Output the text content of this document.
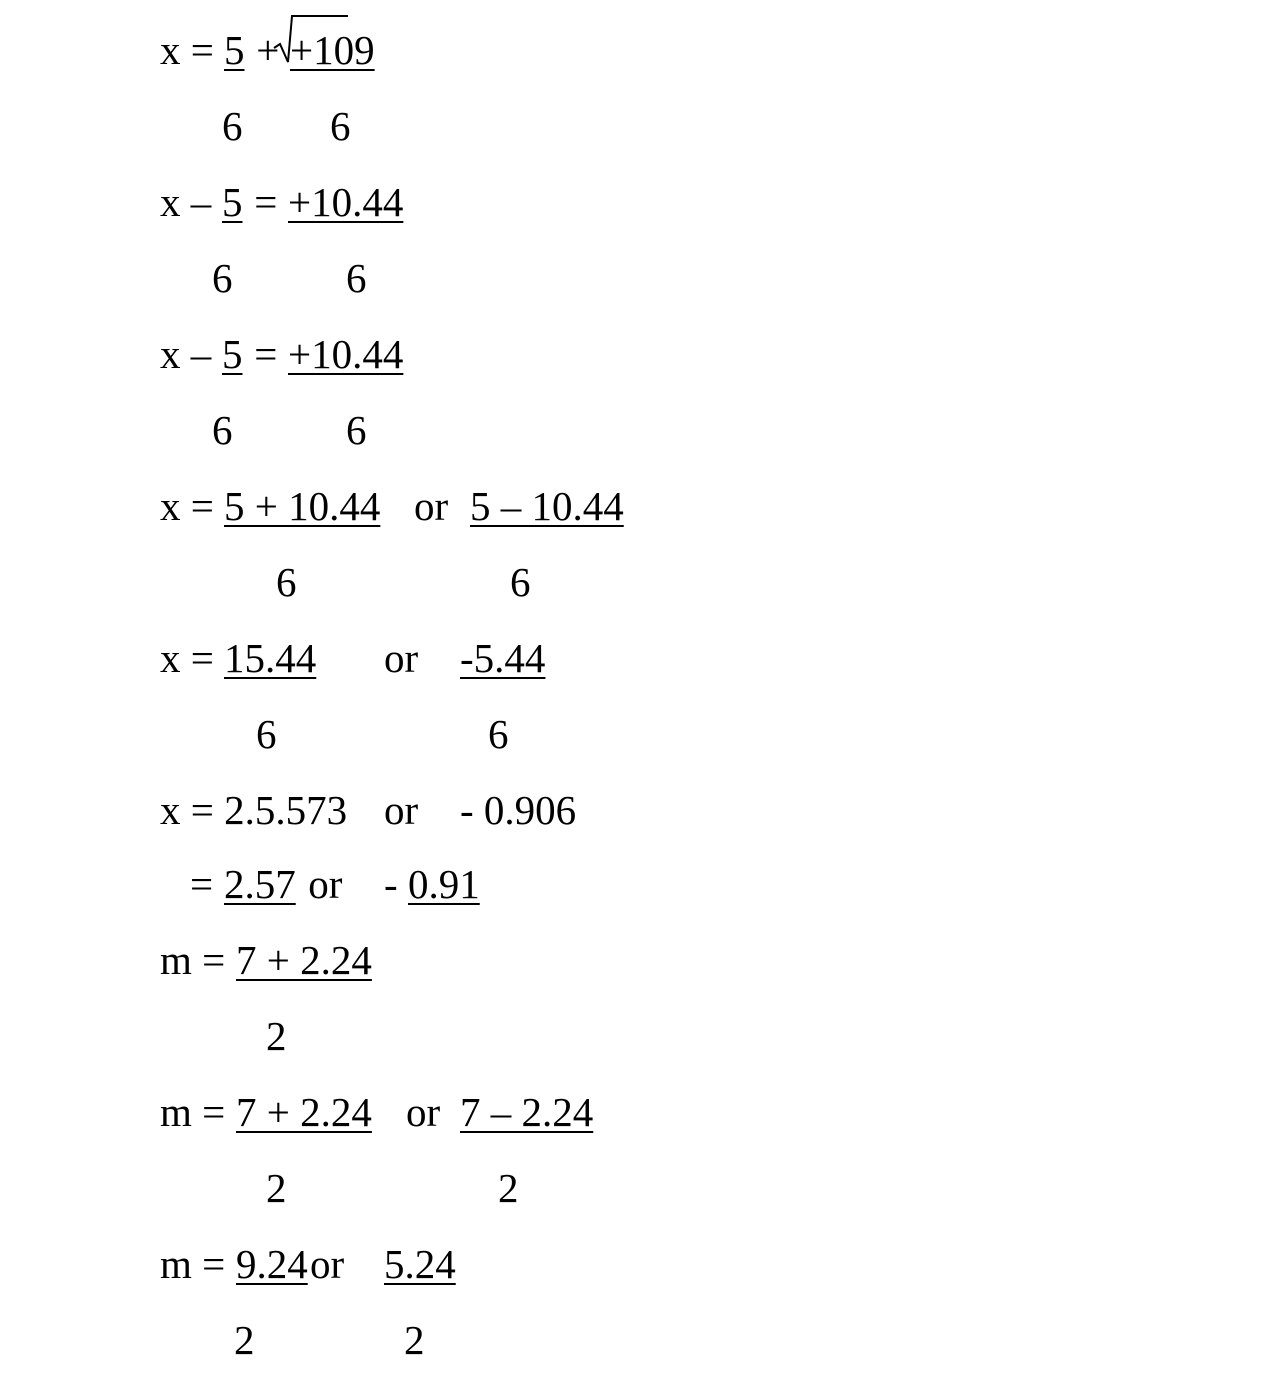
x = 5 + +109
6 6
x – 5 = +10.44
6	6
x – 5 = +10.44
6	6
x = 5 + 10.44 or 5 – 10.44
6	6
x = 15.44 or -5.44
6	6
x = 2.5.573 or - 0.906
= 2.57 or - 0.91
m = 7 + 2.24
2
m = 7 + 2.24 or 7 – 2.24
2	2
m = 9.24 or 5.24
2	2
